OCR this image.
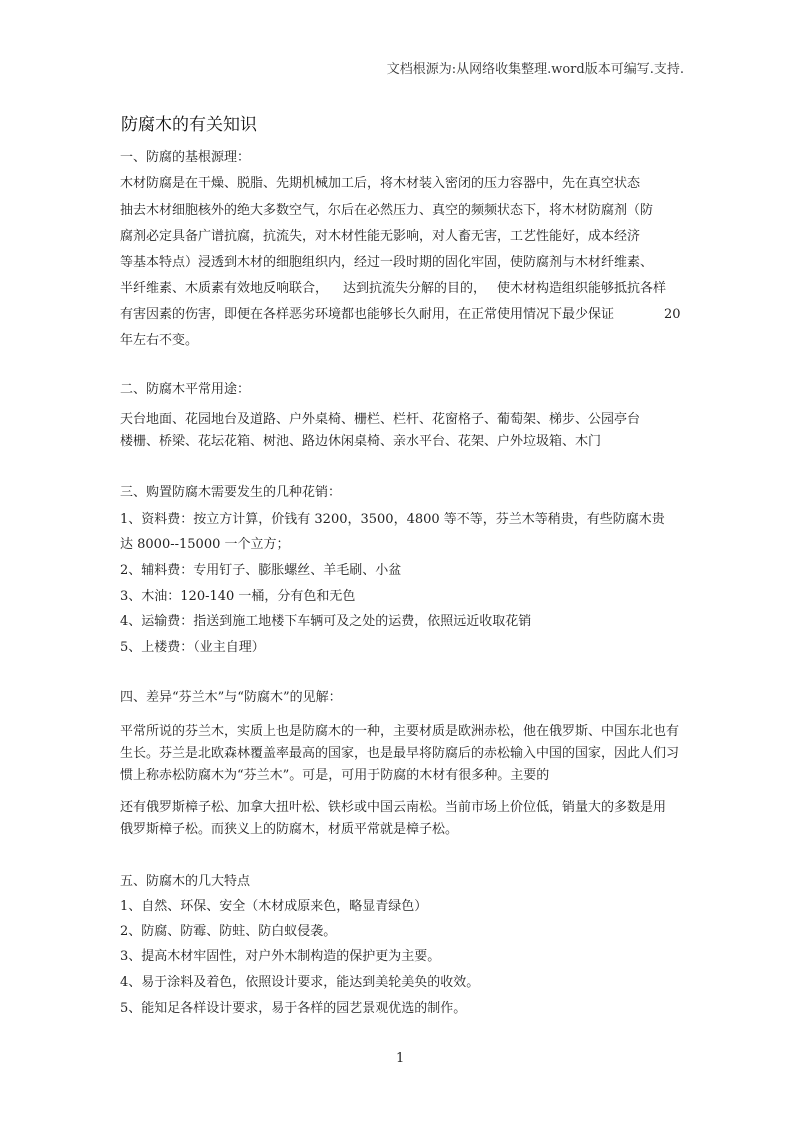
文档根源为:从网络收集整理.word版本可编写.支持.
防腐木的有关知识
一、防腐的基根源理：
木材防腐是在干燥、脱脂、先期机械加工后，将木材装入密闭的压力容器中，先在真空状态
抽去木材细胞核外的绝大多数空气，尔后在必然压力、真空的频频状态下，将木材防腐剂（防
腐剂必定具备广谱抗腐，抗流失，对木材性能无影响，对人畜无害，工艺性能好，成本经济
等基本特点）浸透到木材的细胞组织内，经过一段时期的固化牢固，使防腐剂与木材纤维素、
半纤维素、木质素有效地反响联合， 达到抗流失分解的目的， 使木材构造组织能够抵抗各样
有害因素的伤害，即便在各样恶劣环境都也能够长久耐用，在正常使用情况下最少保证	20
年左右不变。
二、防腐木平常用途：
天台地面、花园地台及道路、户外桌椅、栅栏、栏杆、花窗格子、葡萄架、梯步、公园亭台
楼栅、桥梁、花坛花箱、树池、路边休闲桌椅、亲水平台、花架、户外垃圾箱、木门
三、购置防腐木需要发生的几种花销：
1、资料费：按立方计算，价钱有 3200，3500，4800 等不等，芬兰木等稍贵，有些防腐木贵
达 8000--15000 一个立方；
2、辅料费：专用钉子、膨胀螺丝、羊毛刷、小盆
3、木油：120-140 一桶，分有色和无色
4、运输费：指送到施工地楼下车辆可及之处的运费，依照远近收取花销
5、上楼费：（业主自理）
四、差异“芬兰木”与“防腐木”的见解：
平常所说的芬兰木，实质上也是防腐木的一种，主要材质是欧洲赤松，他在俄罗斯、中国东北也有
生长。芬兰是北欧森林覆盖率最高的国家，也是最早将防腐后的赤松输入中国的国家，因此人们习
惯上称赤松防腐木为“芬兰木”。可是，可用于防腐的木材有很多种。主要的
还有俄罗斯樟子松、加拿大扭叶松、铁杉或中国云南松。当前市场上价位低，销量大的多数是用
俄罗斯樟子松。而狭义上的防腐木，材质平常就是樟子松。
五、防腐木的几大特点
1、自然、环保、安全（木材成原来色，略显青绿色）
2、防腐、防霉、防蛀、防白蚁侵袭。
3、提高木材牢固性，对户外木制构造的保护更为主要。
4、易于涂料及着色，依照设计要求，能达到美轮美奂的收效。
5、能知足各样设计要求，易于各样的园艺景观优选的制作。
1
